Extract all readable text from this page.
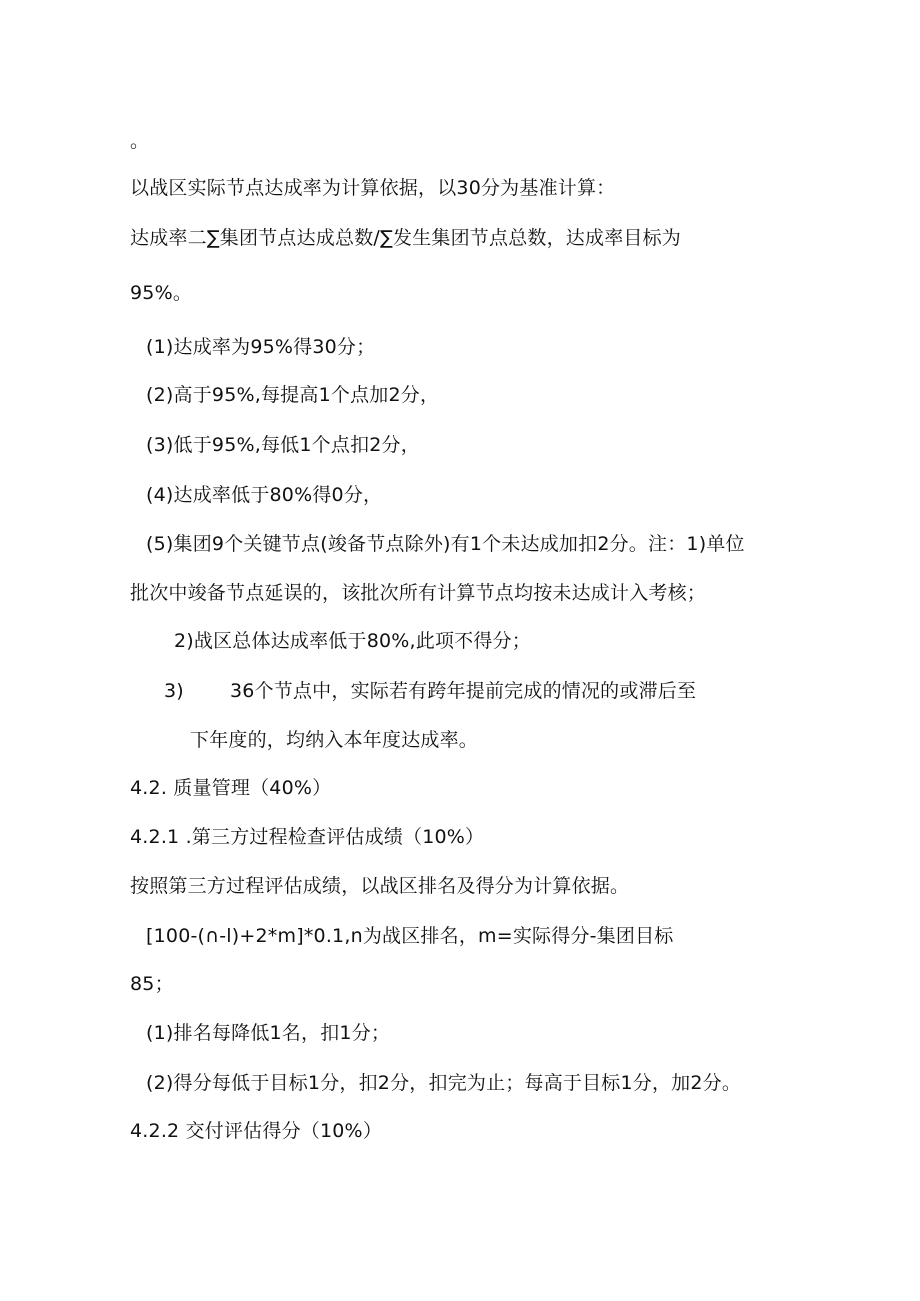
。
以战区实际节点达成率为计算依据，以30分为基准计算：
达成率二∑集团节点达成总数∕∑发生集团节点总数，达成率目标为
95%。
(1)达成率为95%得30分；
(2)高于95%,每提高1个点加2分，
(3)低于95%,每低1个点扣2分，
(4)达成率低于80%得0分，
(5)集团9个关键节点(竣备节点除外)有1个未达成加扣2分。注：1)单位
批次中竣备节点延误的，该批次所有计算节点均按未达成计入考核；
2)战区总体达成率低于80%,此项不得分；
3) 36个节点中，实际若有跨年提前完成的情况的或滞后至
下年度的，均纳入本年度达成率。
4.2. 质量管理（40%）
4.2.1 .第三方过程检查评估成绩（10%）
按照第三方过程评估成绩，以战区排名及得分为计算依据。
[100-(∩-l)+2*m]*0.1,n为战区排名，m=实际得分-集团目标
85；
(1)排名每降低1名，扣1分；
(2)得分每低于目标1分，扣2分，扣完为止；每高于目标1分，加2分。
4.2.2 交付评估得分（10%）
